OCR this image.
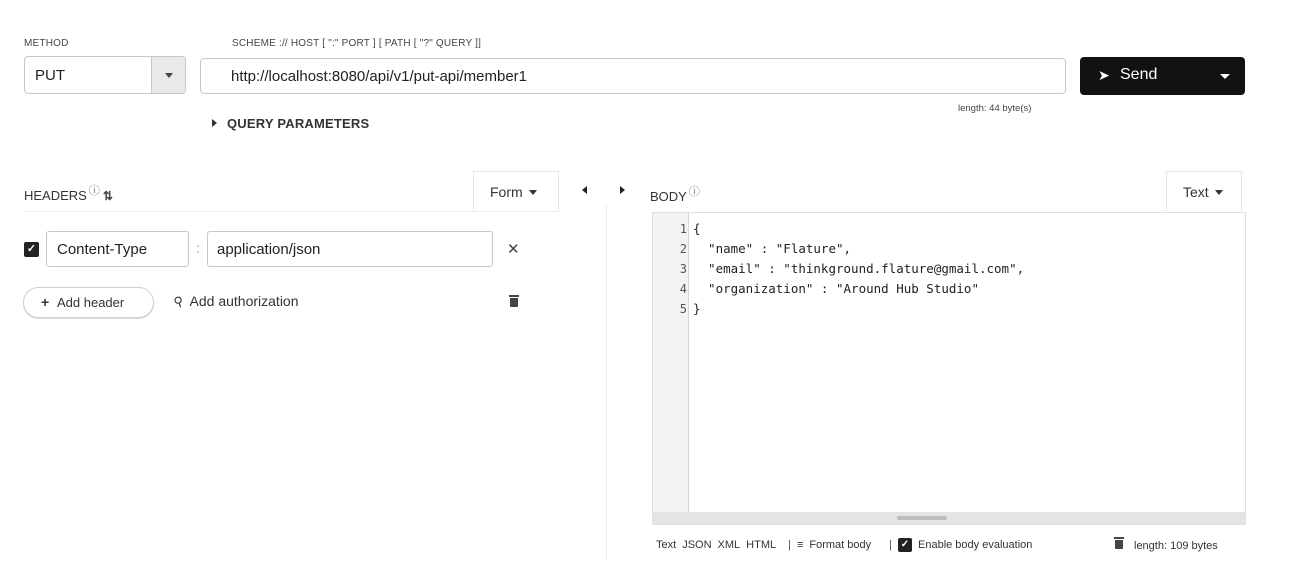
METHOD
PUT
SCHEME :// HOST [ ":" PORT ] [ PATH [ "?" QUERY ]]
http://localhost:8080/api/v1/put-api/member1
➤ Send
length: 44 byte(s)
QUERY PARAMETERS
HEADERS ⓘ ⇅	Form
✓
Content-Type	:
application/json	✕
+ Add header	⚲ Add authorization
BODY ⓘ	Text
1
2
3
4
5
{
"name" : "Flature",
"email" : "thinkground.flature@gmail.com",
"organization" : "Around Hub Studio"
}
Text JSON XML HTML | ≡ Format body	| ✓ Enable body evaluation	length: 109 bytes
